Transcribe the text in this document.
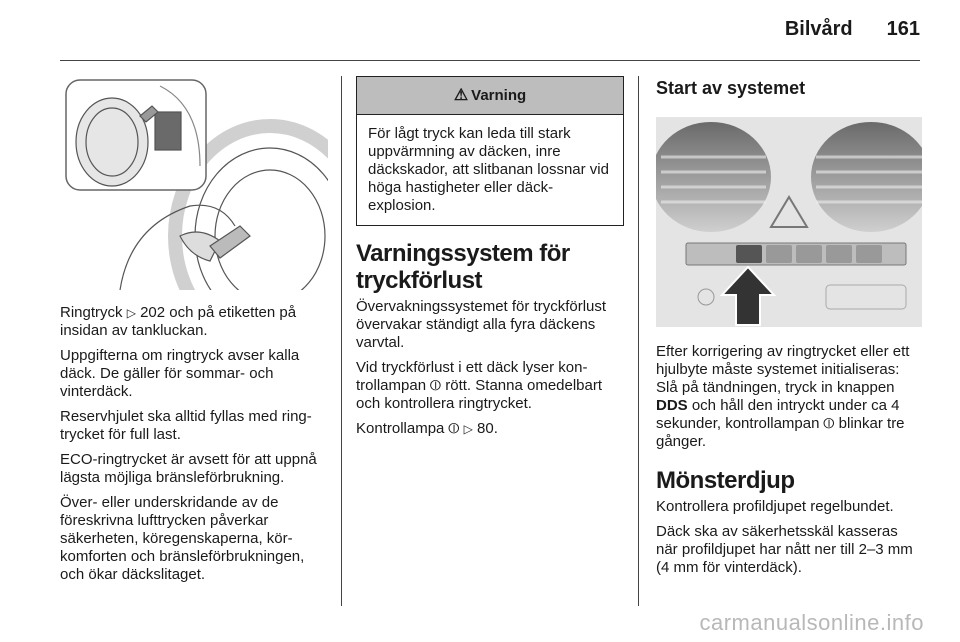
Bilvård 161

Ringtryck ▷ 202 och på etiketten på insidan av tankluckan.

Uppgifterna om ringtryck avser kalla däck. De gäller för sommar- och vinterdäck.

Reservhjulet ska alltid fyllas med ringtrycket för full last.

ECO-ringtrycket är avsett för att uppnå lägsta möjliga bränsleförbrukning.

Över- eller underskridande av de föreskrivna lufttrycken påverkar säkerheten, köregenskaperna, körkomforten och bränsleförbrukningen, och ökar däckslitaget.

⚠ Varning

För lågt tryck kan leda till stark uppvärmning av däcken, inre däckskador, att slitbanan lossnar vid höga hastigheter eller däckexplosion.

Varningssystem för tryckförlust

Övervakningssystemet för tryckförlust övervakar ständigt alla fyra däckens varvtal.

Vid tryckförlust i ett däck lyser kontrollampan ⦶ rött. Stanna omedelbart och kontrollera ringtrycket.

Kontrollampa ⦶ ▷ 80.

Start av systemet

Efter korrigering av ringtrycket eller ett hjulbyte måste systemet initialiseras: Slå på tändningen, tryck in knappen DDS och håll den intryckt under ca 4 sekunder, kontrollampan ⦶ blinkar tre gånger.

Mönsterdjup

Kontrollera profildjupet regelbundet.

Däck ska av säkerhetsskäl kasseras när profildjupet har nått ner till 2–3 mm (4 mm för vinterdäck).

carmanualsonline.info
